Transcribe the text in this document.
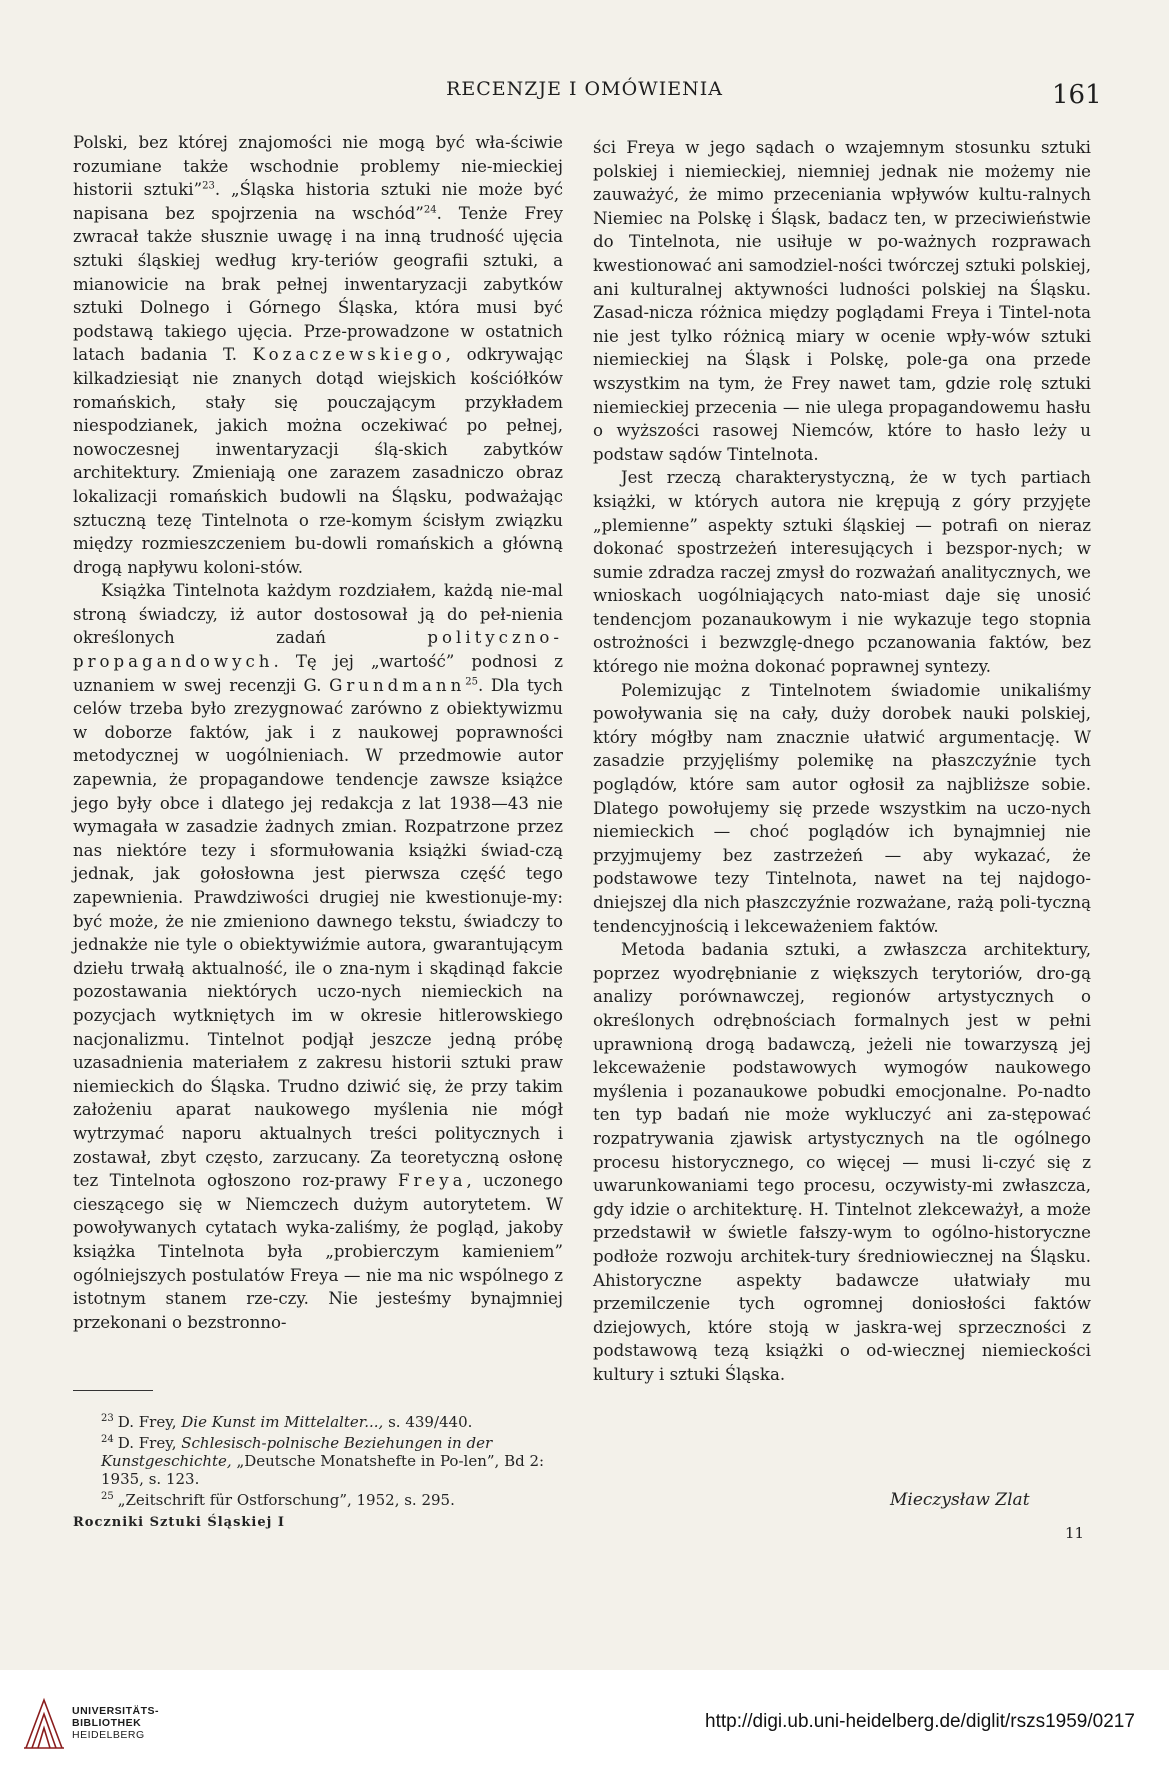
RECENZJE I OMÓWIENIA	161

Polski, bez której znajomości nie mogą być wła-ściwie rozumiane także wschodnie problemy nie-mieckiej historii sztuki”$^{23}$. „Śląska historia sztuki nie może być napisana bez spojrzenia na wschód”$^{24}$. Tenże Frey zwracał także słusznie uwagę i na inną trudność ujęcia sztuki śląskiej według kry-teriów geografii sztuki, a mianowicie na brak pełnej inwentaryzacji zabytków sztuki Dolnego i Górnego Śląska, która musi być podstawą takiego ujęcia. Prze-prowadzone w ostatnich latach badania T. Kozaczewskiego, odkrywając kilkadziesiąt nie znanych dotąd wiejskich kościółków romańskich, stały się pouczającym przykładem niespodzianek, jakich można oczekiwać po pełnej, nowoczesnej inwentaryzacji ślą-skich zabytków architektury. Zmieniają one zarazem zasadniczo obraz lokalizacji romańskich budowli na Śląsku, podważając sztuczną tezę Tintelnota o rze-komym ścisłym związku między rozmieszczeniem bu-dowli romańskich a główną drogą napływu koloni-stów.

Książka Tintelnota każdym rozdziałem, każdą nie-mal stroną świadczy, iż autor dostosował ją do peł-nienia określonych zadań polityczno-propagandowych. Tę jej „wartość” podnosi z uznaniem w swej recenzji G. Grundmann$^{25}$. Dla tych celów trzeba było zrezygnować zarówno z obiektywizmu w doborze faktów, jak i z naukowej poprawności metodycznej w uogólnieniach. W przedmowie autor zapewnia, że propagandowe tendencje zawsze książce jego były obce i dlatego jej redakcja z lat 1938—43 nie wymagała w zasadzie żadnych zmian. Rozpatrzone przez nas niektóre tezy i sformułowania książki świad-czą jednak, jak gołosłowna jest pierwsza część tego zapewnienia. Prawdziwości drugiej nie kwestionuje-my: być może, że nie zmieniono dawnego tekstu, świadczy to jednakże nie tyle o obiektywiźmie autora, gwarantującym dziełu trwałą aktualność, ile o zna-nym i skądinąd fakcie pozostawania niektórych uczo-nych niemieckich na pozycjach wytkniętych im w okresie hitlerowskiego nacjonalizmu. Tintelnot podjął jeszcze jedną próbę uzasadnienia materiałem z zakresu historii sztuki praw niemieckich do Śląska. Trudno dziwić się, że przy takim założeniu aparat naukowego myślenia nie mógł wytrzymać naporu aktualnych treści politycznych i zostawał, zbyt często, zarzucany. Za teoretyczną osłonę tez Tintelnota ogłoszono roz-prawy Freya, uczonego cieszącego się w Niemczech dużym autorytetem. W powoływanych cytatach wyka-zaliśmy, że pogląd, jakoby książka Tintelnota była „probierczym kamieniem” ogólniejszych postulatów Freya — nie ma nic wspólnego z istotnym stanem rze-czy. Nie jesteśmy bynajmniej przekonani o bezstronno-

ści Freya w jego sądach o wzajemnym stosunku sztuki polskiej i niemieckiej, niemniej jednak nie możemy nie zauważyć, że mimo przeceniania wpływów kultu-ralnych Niemiec na Polskę i Śląsk, badacz ten, w przeciwieństwie do Tintelnota, nie usiłuje w po-ważnych rozprawach kwestionować ani samodziel-ności twórczej sztuki polskiej, ani kulturalnej aktywności ludności polskiej na Śląsku. Zasad-nicza różnica między poglądami Freya i Tintel-nota nie jest tylko różnicą miary w ocenie wpły-wów sztuki niemieckiej na Śląsk i Polskę, pole-ga ona przede wszystkim na tym, że Frey nawet tam, gdzie rolę sztuki niemieckiej przecenia — nie ulega propagandowemu hasłu o wyższości rasowej Niemców, które to hasło leży u podstaw sądów Tintelnota.

Jest rzeczą charakterystyczną, że w tych partiach książki, w których autora nie krępują z góry przyjęte „plemienne” aspekty sztuki śląskiej — potrafi on nieraz dokonać spostrzeżeń interesujących i bezspor-nych; w sumie zdradza raczej zmysł do rozważań analitycznych, we wnioskach uogólniających nato-miast daje się unosić tendencjom pozanaukowym i nie wykazuje tego stopnia ostrożności i bezwzglę-dnego pczanowania faktów, bez którego nie można dokonać poprawnej syntezy.

Polemizując z Tintelnotem świadomie unikaliśmy powoływania się na cały, duży dorobek nauki polskiej, który mógłby nam znacznie ułatwić argumentację. W zasadzie przyjęliśmy polemikę na płaszczyźnie tych poglądów, które sam autor ogłosił za najbliższe sobie. Dlatego powołujemy się przede wszystkim na uczo-nych niemieckich — choć poglądów ich bynajmniej nie przyjmujemy bez zastrzeżeń — aby wykazać, że podstawowe tezy Tintelnota, nawet na tej najdogo-dniejszej dla nich płaszczyźnie rozważane, rażą poli-tyczną tendencyjnością i lekceważeniem faktów.

Metoda badania sztuki, a zwłaszcza architektury, poprzez wyodrębnianie z większych terytoriów, dro-gą analizy porównawczej, regionów artystycznych o określonych odrębnościach formalnych jest w pełni uprawnioną drogą badawczą, jeżeli nie towarzyszą jej lekceważenie podstawowych wymogów naukowego myślenia i pozanaukowe pobudki emocjonalne. Po-nadto ten typ badań nie może wykluczyć ani za-stępować rozpatrywania zjawisk artystycznych na tle ogólnego procesu historycznego, co więcej — musi li-czyć się z uwarunkowaniami tego procesu, oczywisty-mi zwłaszcza, gdy idzie o architekturę. H. Tintelnot zlekceważył, a może przedstawił w świetle fałszy-wym to ogólno-historyczne podłoże rozwoju architek-tury średniowiecznej na Śląsku. Ahistoryczne aspekty badawcze ułatwiały mu przemilczenie tych ogromnej doniosłości faktów dziejowych, które stoją w jaskra-wej sprzeczności z podstawową tezą książki o od-wiecznej niemieckości kultury i sztuki Śląska.

Mieczysław Zlat

$^{23}$ D. Frey, Die Kunst im Mittelalter..., s. 439/440.

$^{24}$ D. Frey, Schlesisch-polnische Beziehungen in der Kunstgeschichte, „Deutsche Monatshefte in Po-len”, Bd 2: 1935, s. 123.

$^{25}$ „Zeitschrift für Ostforschung”, 1952, s. 295.

Roczniki Sztuki Śląskiej I
11
UNIVERSITÄTS-
BIBLIOTHEK
HEIDELBERG
http://digi.ub.uni-heidelberg.de/diglit/rszs1959/0217
